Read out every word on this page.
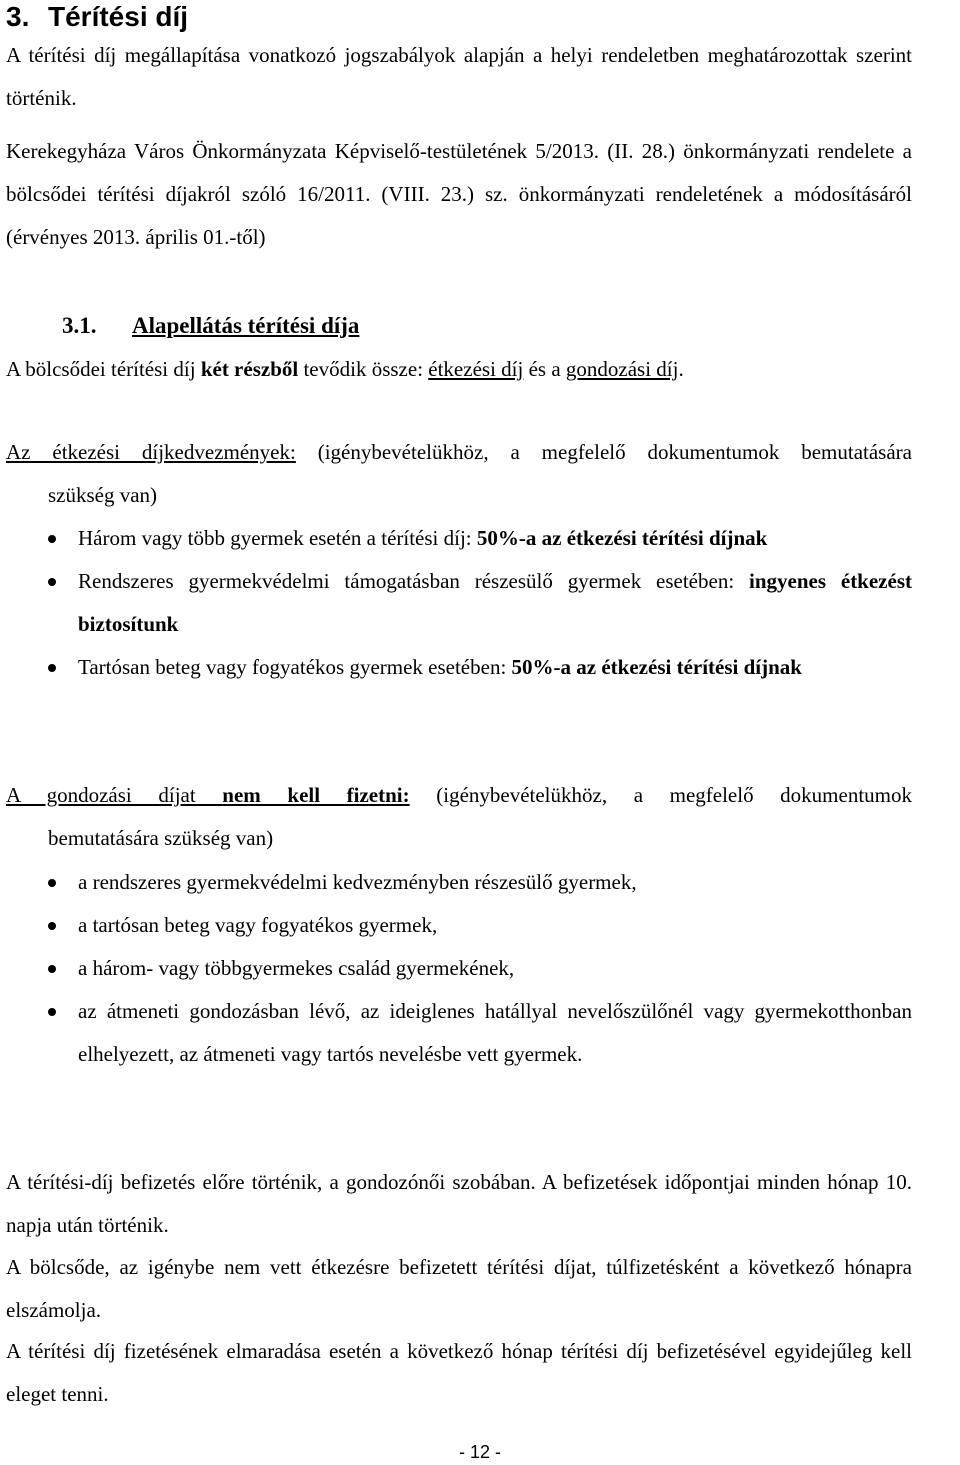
3. Térítési díj
A térítési díj megállapítása vonatkozó jogszabályok alapján a helyi rendeletben meghatározottak szerint történik.
Kerekegyháza Város Önkormányzata Képviselő-testületének 5/2013. (II. 28.) önkormányzati rendelete a bölcsődei térítési díjakról szóló 16/2011. (VIII. 23.) sz. önkormányzati rendeletének a módosításáról (érvényes 2013. április 01.-től)
3.1. Alapellátás térítési díja
A bölcsődei térítési díj két részből tevődik össze: étkezési díj és a gondozási díj.
Az étkezési díjkedvezmények: (igénybevételükhöz, a megfelelő dokumentumok bemutatására
szükség van)
Három vagy több gyermek esetén a térítési díj: 50%-a az étkezési térítési díjnak
Rendszeres gyermekvédelmi támogatásban részesülő gyermek esetében: ingyenes étkezést biztosítunk
Tartósan beteg vagy fogyatékos gyermek esetében: 50%-a az étkezési térítési díjnak
A gondozási díjat nem kell fizetni: (igénybevételükhöz, a megfelelő dokumentumok
bemutatására szükség van)
a rendszeres gyermekvédelmi kedvezményben részesülő gyermek,
a tartósan beteg vagy fogyatékos gyermek,
a három- vagy többgyermekes család gyermekének,
az átmeneti gondozásban lévő, az ideiglenes hatállyal nevelőszülőnél vagy gyermekotthonban elhelyezett, az átmeneti vagy tartós nevelésbe vett gyermek.
A térítési-díj befizetés előre történik, a gondozónői szobában. A befizetések időpontjai minden hónap 10. napja után történik.
A bölcsőde, az igénybe nem vett étkezésre befizetett térítési díjat, túlfizetésként a következő hónapra elszámolja.
A térítési díj fizetésének elmaradása esetén a következő hónap térítési díj befizetésével egyidejűleg kell eleget tenni.
- 12 -
